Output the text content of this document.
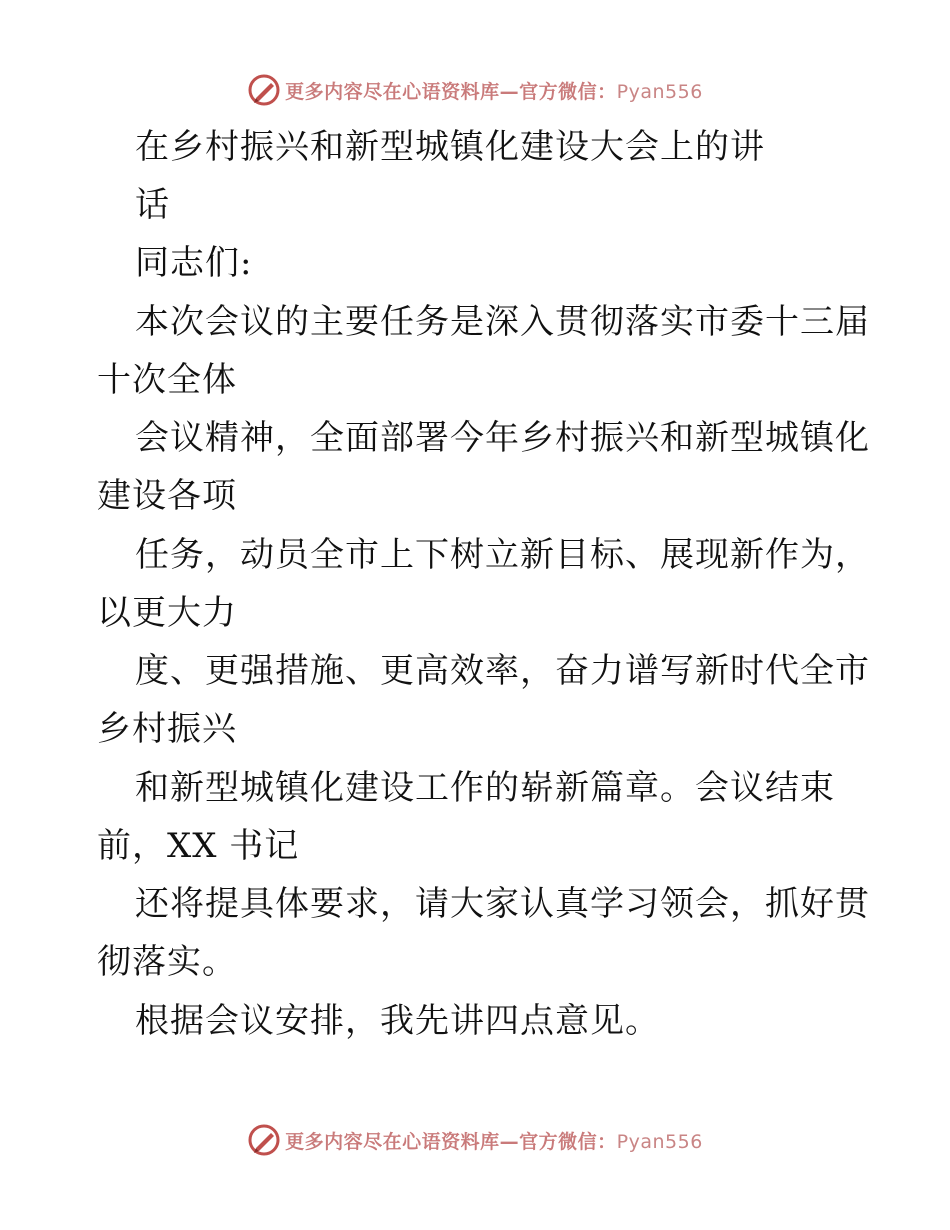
更多内容尽在心语资料库—官方微信：Pyan556
在乡村振兴和新型城镇化建设大会上的讲
话
同志们:
本次会议的主要任务是深入贯彻落实市委十三届
十次全体
会议精神，全面部署今年乡村振兴和新型城镇化
建设各项
任务，动员全市上下树立新目标、展现新作为，
以更大力
度、更强措施、更高效率，奋力谱写新时代全市
乡村振兴
和新型城镇化建设工作的崭新篇章。会议结束
前，XX 书记
还将提具体要求，请大家认真学习领会，抓好贯
彻落实。
根据会议安排，我先讲四点意见。
更多内容尽在心语资料库—官方微信：Pyan556
